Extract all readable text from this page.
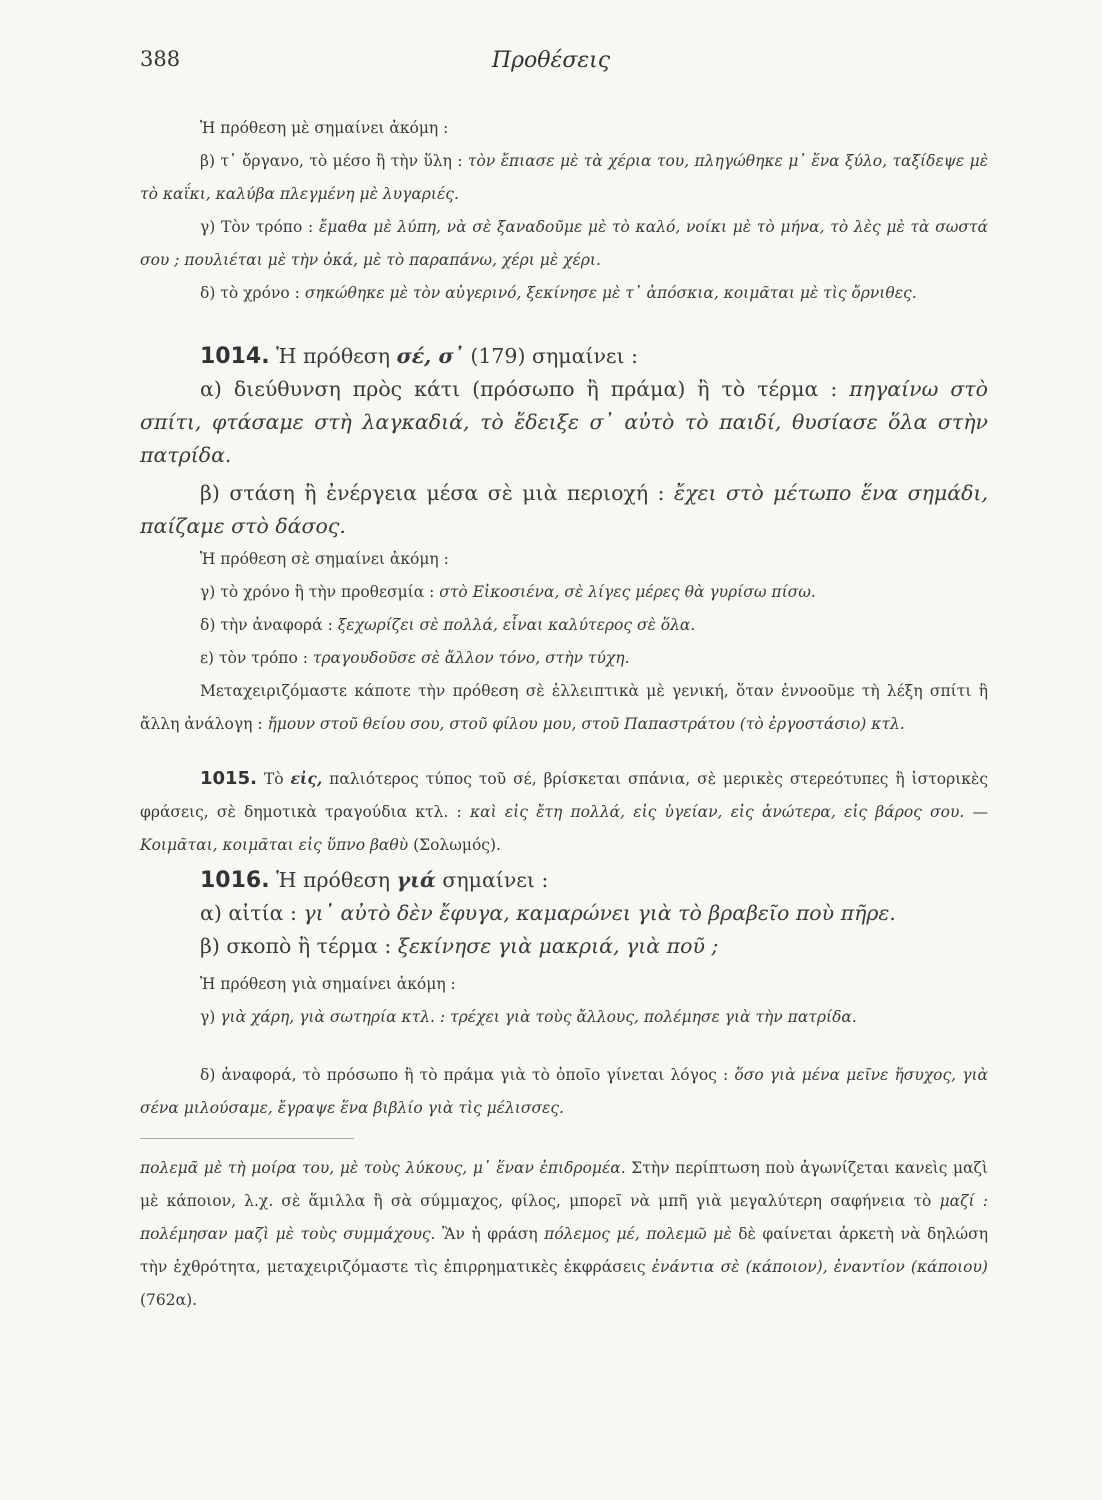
388	Προθέσεις
Ἡ πρόθεση μὲ σημαίνει ἀκόμη :
β) τ᾽ ὄργανο, τὸ μέσο ἢ τὴν ὕλη : τὸν ἔπιασε μὲ τὰ χέρια του, πληγώθηκε μ᾽ ἕνα ξύλο, ταξίδεψε μὲ τὸ καΐκι, καλύβα πλεγμένη μὲ λυγαριές.
γ) Τὸν τρόπο : ἔμαθα μὲ λύπη, νὰ σὲ ξαναδοῦμε μὲ τὸ καλό, νοίκι μὲ τὸ μήνα, τὸ λὲς μὲ τὰ σωστά σου ; πουλιέται μὲ τὴν ὀκά, μὲ τὸ παραπάνω, χέρι μὲ χέρι.
δ) τὸ χρόνο : σηκώθηκε μὲ τὸν αὐγερινό, ξεκίνησε μὲ τ᾽ ἀπόσκια, κοιμᾶται μὲ τὶς ὄρνιθες.
1014. Ἡ πρόθεση σέ, σ᾽ (179) σημαίνει :
α) διεύθυνση πρὸς κάτι (πρόσωπο ἢ πράμα) ἢ τὸ τέρμα : πηγαίνω στὸ σπίτι, φτάσαμε στὴ λαγκαδιά, τὸ ἔδειξε σ᾽ αὐτὸ τὸ παιδί, θυσίασε ὅλα στὴν πατρίδα.
β) στάση ἢ ἐνέργεια μέσα σὲ μιὰ περιοχή : ἔχει στὸ μέτωπο ἕνα σημάδι, παίζαμε στὸ δάσος.
Ἡ πρόθεση σὲ σημαίνει ἀκόμη :
γ) τὸ χρόνο ἢ τὴν προθεσμία : στὸ Εἰκοσιένα, σὲ λίγες μέρες θὰ γυρίσω πίσω.
δ) τὴν ἀναφορά : ξεχωρίζει σὲ πολλά, εἶναι καλύτερος σὲ ὅλα.
ε) τὸν τρόπο : τραγουδοῦσε σὲ ἄλλον τόνο, στὴν τύχη.
Μεταχειριζόμαστε κάποτε τὴν πρόθεση σὲ ἐλλειπτικὰ μὲ γενική, ὅταν ἐννοοῦμε τὴ λέξη σπίτι ἢ ἄλλη ἀνάλογη : ἤμουν στοῦ θείου σου, στοῦ φίλου μου, στοῦ Παπαστράτου (τὸ ἐργοστάσιο) κτλ.
1015. Τὸ εἰς, παλιότερος τύπος τοῦ σέ, βρίσκεται σπάνια, σὲ μερικὲς στερεότυπες ἢ ἱστορικὲς φράσεις, σὲ δημοτικὰ τραγούδια κτλ. : καὶ εἰς ἔτη πολλά, εἰς ὑγείαν, εἰς ἀνώτερα, εἰς βάρος σου. — Κοιμᾶται, κοιμᾶται εἰς ὕπνο βαθὺ (Σολωμός).
1016. Ἡ πρόθεση γιά σημαίνει :
α) αἰτία : γι᾽ αὐτὸ δὲν ἔφυγα, καμαρώνει γιὰ τὸ βραβεῖο ποὺ πῆρε.
β) σκοπὸ ἢ τέρμα : ξεκίνησε γιὰ μακριά, γιὰ ποῦ ;
Ἡ πρόθεση γιὰ σημαίνει ἀκόμη :
γ) γιὰ χάρη, γιὰ σωτηρία κτλ. : τρέχει γιὰ τοὺς ἄλλους, πολέμησε γιὰ τὴν πατρίδα.
δ) ἀναφορά, τὸ πρόσωπο ἢ τὸ πράμα γιὰ τὸ ὁποῖο γίνεται λόγος : ὅσο γιὰ μένα μεῖνε ἥσυχος, γιὰ σένα μιλούσαμε, ἔγραψε ἕνα βιβλίο γιὰ τὶς μέλισσες.
πολεμᾶ μὲ τὴ μοίρα του, μὲ τοὺς λύκους, μ᾽ ἕναν ἐπιδρομέα. Στὴν περίπτωση ποὺ ἀγωνίζεται κανεὶς μαζὶ μὲ κάποιον, λ.χ. σὲ ἅμιλλα ἢ σὰ σύμμαχος, φίλος, μπορεῖ νὰ μπῆ γιὰ μεγαλύτερη σαφήνεια τὸ μαζί : πολέμησαν μαζὶ μὲ τοὺς συμμάχους. Ἂν ἡ φράση πόλεμος μέ, πολεμῶ μὲ δὲ φαίνεται ἀρκετὴ νὰ δηλώση τὴν ἐχθρότητα, μεταχειριζόμαστε τὶς ἐπιρρηματικὲς ἐκφράσεις ἐνάντια σὲ (κάποιον), ἐναντίον (κάποιου) (762α).
